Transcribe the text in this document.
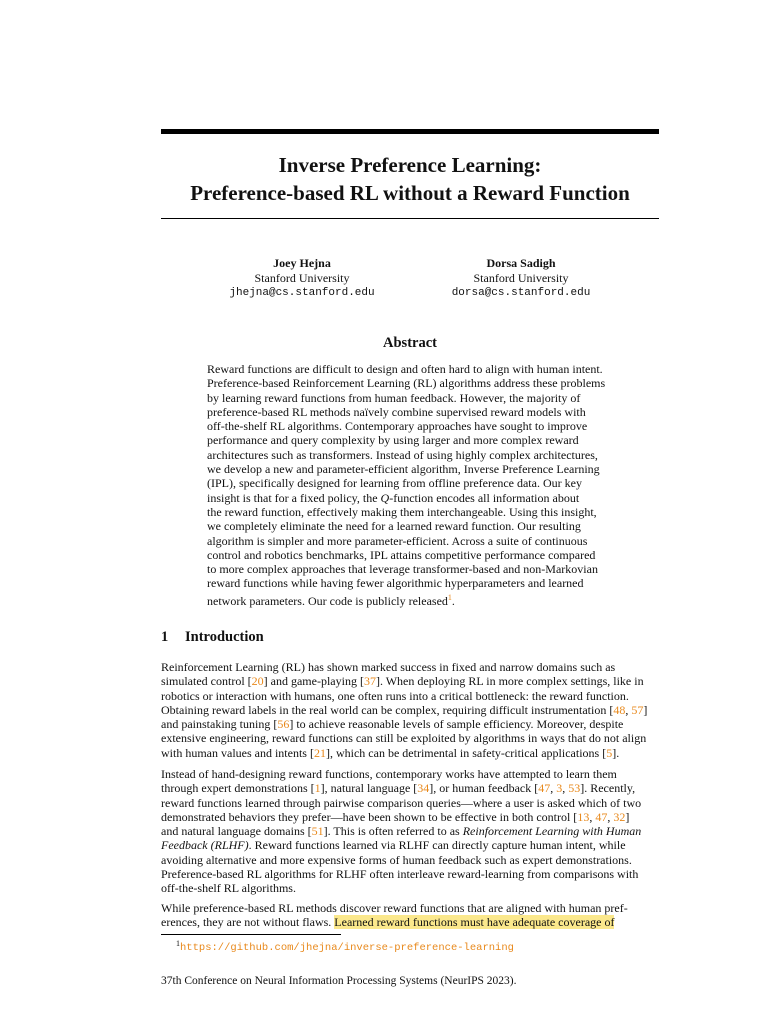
Inverse Preference Learning:
Preference-based RL without a Reward Function
Joey Hejna
Stanford University
jhejna@cs.stanford.edu
Dorsa Sadigh
Stanford University
dorsa@cs.stanford.edu
Abstract
Reward functions are difficult to design and often hard to align with human intent.
Preference-based Reinforcement Learning (RL) algorithms address these problems
by learning reward functions from human feedback. However, the majority of
preference-based RL methods naïvely combine supervised reward models with
off-the-shelf RL algorithms. Contemporary approaches have sought to improve
performance and query complexity by using larger and more complex reward
architectures such as transformers. Instead of using highly complex architectures,
we develop a new and parameter-efficient algorithm, Inverse Preference Learning
(IPL), specifically designed for learning from offline preference data. Our key
insight is that for a fixed policy, the Q-function encodes all information about
the reward function, effectively making them interchangeable. Using this insight,
we completely eliminate the need for a learned reward function. Our resulting
algorithm is simpler and more parameter-efficient. Across a suite of continuous
control and robotics benchmarks, IPL attains competitive performance compared
to more complex approaches that leverage transformer-based and non-Markovian
reward functions while having fewer algorithmic hyperparameters and learned
network parameters. Our code is publicly released$^1$.
1 Introduction
Reinforcement Learning (RL) has shown marked success in fixed and narrow domains such as
simulated control [20] and game-playing [37]. When deploying RL in more complex settings, like in
robotics or interaction with humans, one often runs into a critical bottleneck: the reward function.
Obtaining reward labels in the real world can be complex, requiring difficult instrumentation [48, 57]
and painstaking tuning [56] to achieve reasonable levels of sample efficiency. Moreover, despite
extensive engineering, reward functions can still be exploited by algorithms in ways that do not align
with human values and intents [21], which can be detrimental in safety-critical applications [5].
Instead of hand-designing reward functions, contemporary works have attempted to learn them
through expert demonstrations [1], natural language [34], or human feedback [47, 3, 53]. Recently,
reward functions learned through pairwise comparison queries—where a user is asked which of two
demonstrated behaviors they prefer—have been shown to be effective in both control [13, 47, 32]
and natural language domains [51]. This is often referred to as Reinforcement Learning with Human
Feedback (RLHF). Reward functions learned via RLHF can directly capture human intent, while
avoiding alternative and more expensive forms of human feedback such as expert demonstrations.
Preference-based RL algorithms for RLHF often interleave reward-learning from comparisons with
off-the-shelf RL algorithms.
While preference-based RL methods discover reward functions that are aligned with human pref-
erences, they are not without flaws. Learned reward functions must have adequate coverage of
$^1$https://github.com/jhejna/inverse-preference-learning
37th Conference on Neural Information Processing Systems (NeurIPS 2023).
